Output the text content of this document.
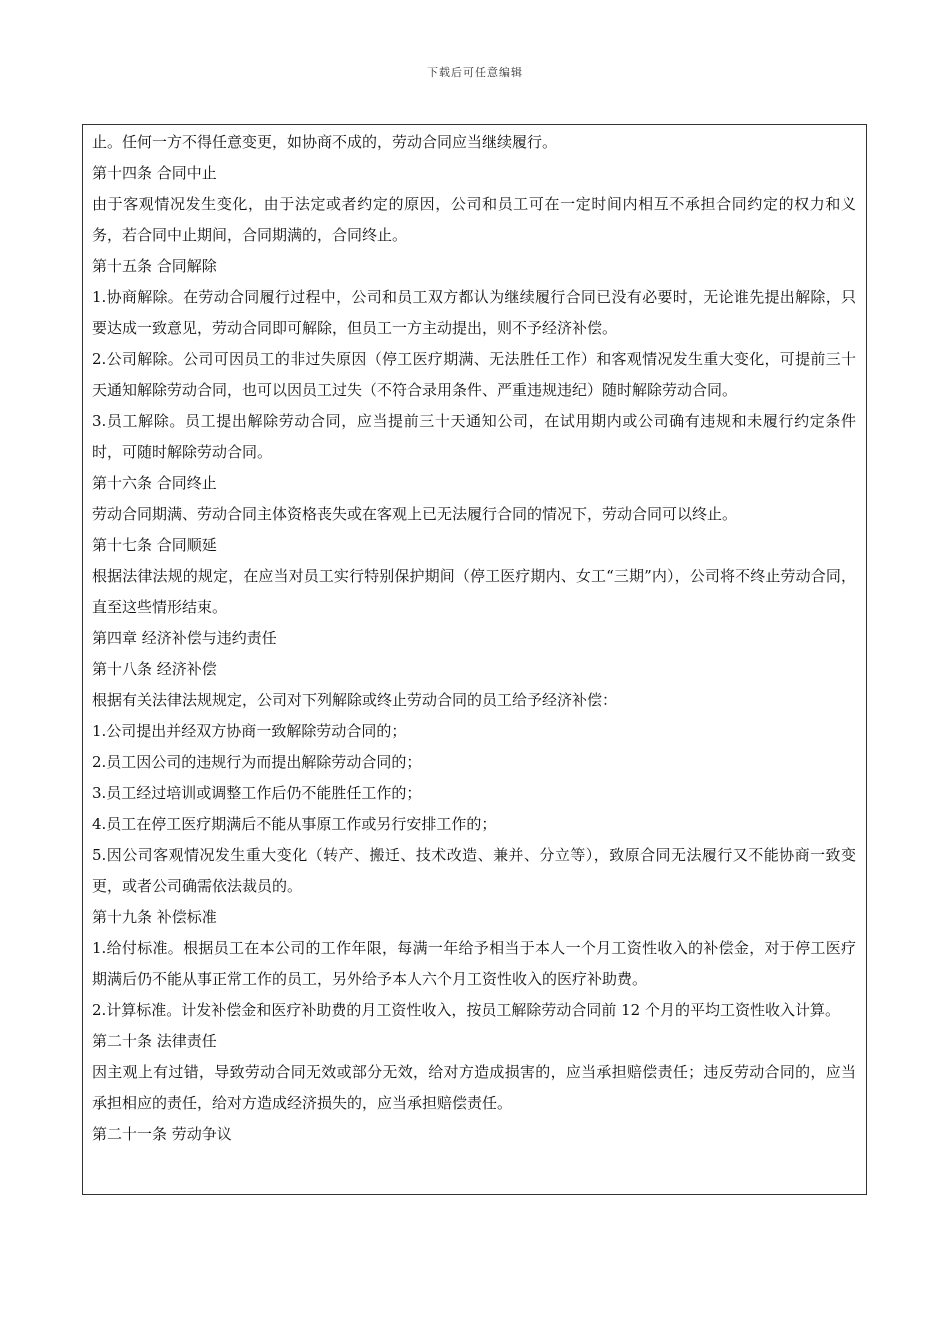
下载后可任意编辑

止。任何一方不得任意变更，如协商不成的，劳动合同应当继续履行。

第十四条 合同中止

由于客观情况发生变化，由于法定或者约定的原因，公司和员工可在一定时间内相互不承担合同约定的权力和义务，若合同中止期间，合同期满的，合同终止。

第十五条 合同解除

1.协商解除。在劳动合同履行过程中，公司和员工双方都认为继续履行合同已没有必要时，无论谁先提出解除，只要达成一致意见，劳动合同即可解除，但员工一方主动提出，则不予经济补偿。

2.公司解除。公司可因员工的非过失原因（停工医疗期满、无法胜任工作）和客观情况发生重大变化，可提前三十天通知解除劳动合同，也可以因员工过失（不符合录用条件、严重违规违纪）随时解除劳动合同。

3.员工解除。员工提出解除劳动合同，应当提前三十天通知公司，在试用期内或公司确有违规和未履行约定条件时，可随时解除劳动合同。

第十六条 合同终止

劳动合同期满、劳动合同主体资格丧失或在客观上已无法履行合同的情况下，劳动合同可以终止。

第十七条 合同顺延

根据法律法规的规定，在应当对员工实行特别保护期间（停工医疗期内、女工“三期”内），公司将不终止劳动合同，直至这些情形结束。

第四章 经济补偿与违约责任

第十八条 经济补偿

根据有关法律法规规定，公司对下列解除或终止劳动合同的员工给予经济补偿：

1.公司提出并经双方协商一致解除劳动合同的；

2.员工因公司的违规行为而提出解除劳动合同的；

3.员工经过培训或调整工作后仍不能胜任工作的；

4.员工在停工医疗期满后不能从事原工作或另行安排工作的；

5.因公司客观情况发生重大变化（转产、搬迁、技术改造、兼并、分立等），致原合同无法履行又不能协商一致变更，或者公司确需依法裁员的。

第十九条 补偿标准

1.给付标准。根据员工在本公司的工作年限，每满一年给予相当于本人一个月工资性收入的补偿金，对于停工医疗期满后仍不能从事正常工作的员工，另外给予本人六个月工资性收入的医疗补助费。

2.计算标准。计发补偿金和医疗补助费的月工资性收入，按员工解除劳动合同前 12 个月的平均工资性收入计算。

第二十条 法律责任

因主观上有过错，导致劳动合同无效或部分无效，给对方造成损害的，应当承担赔偿责任；违反劳动合同的，应当承担相应的责任，给对方造成经济损失的，应当承担赔偿责任。

第二十一条 劳动争议
